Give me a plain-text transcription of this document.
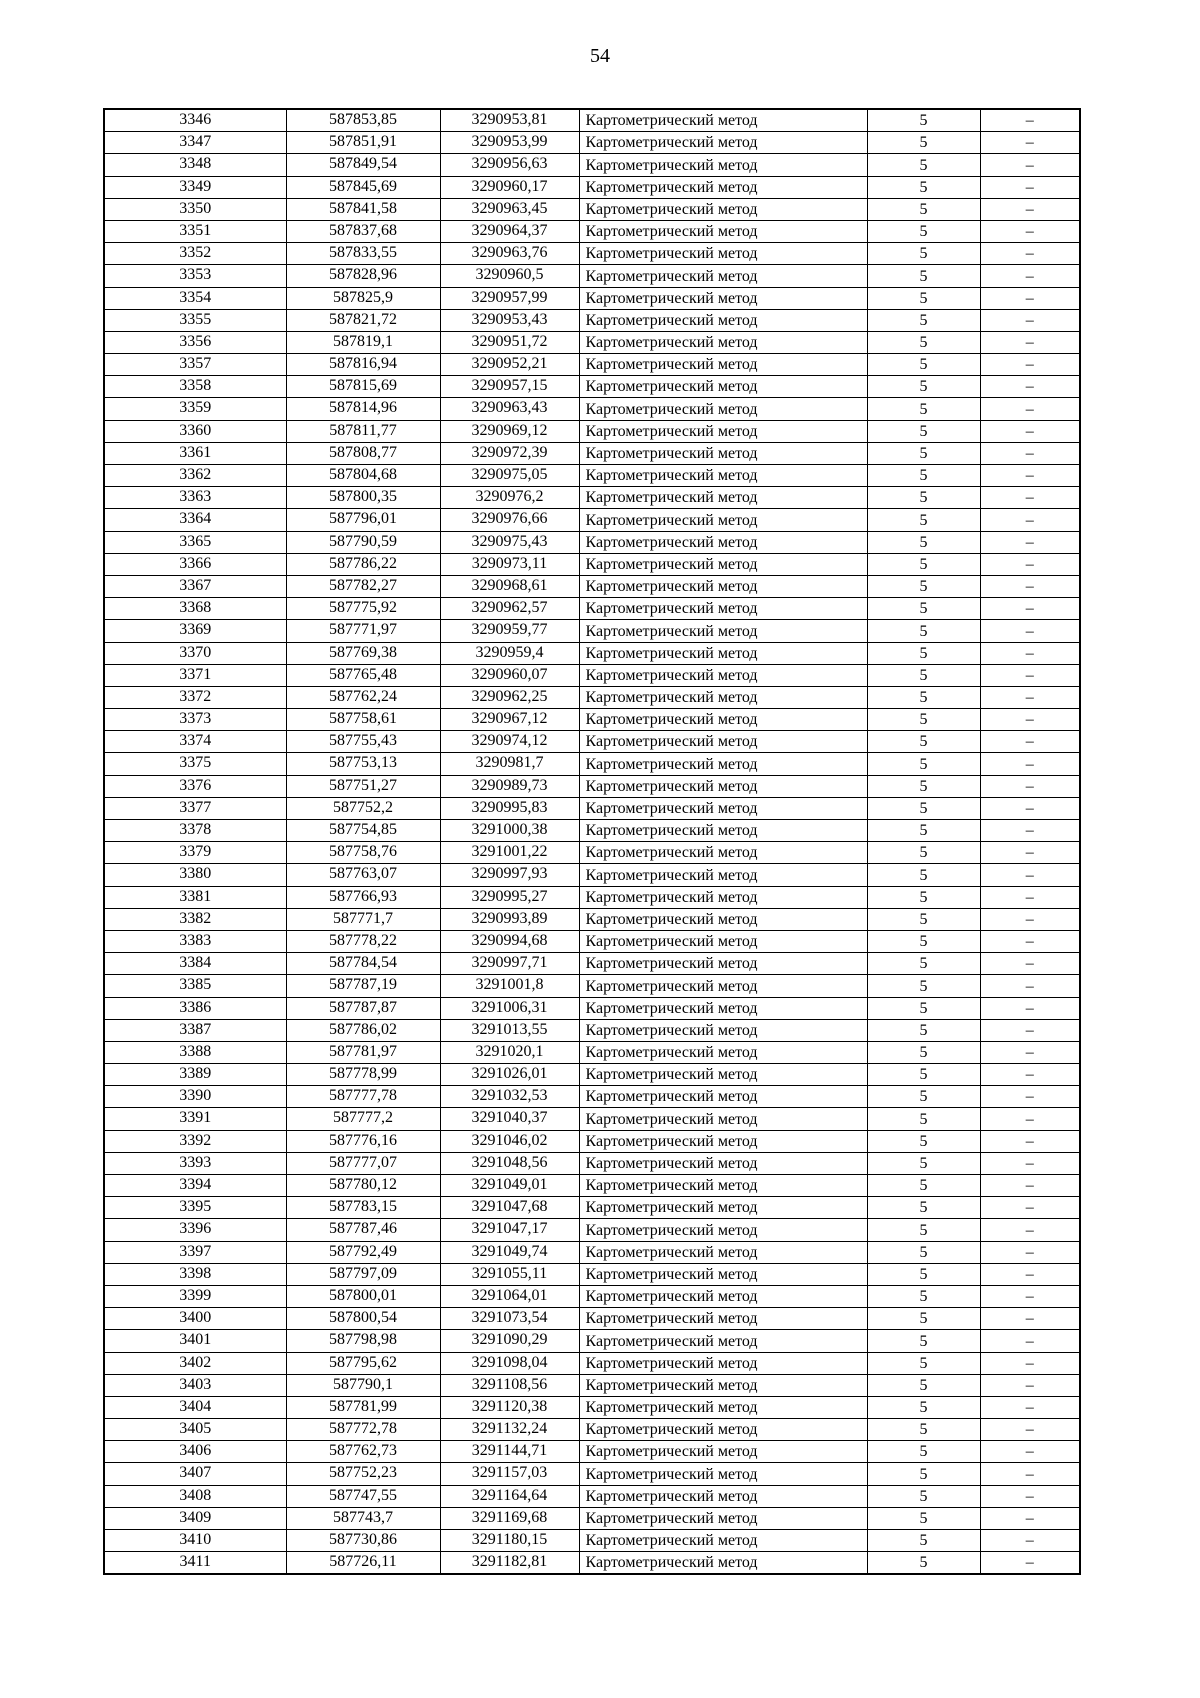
54
3346	587853,85	3290953,81	Картометрический метод	5	–
3347	587851,91	3290953,99	Картометрический метод	5	–
3348	587849,54	3290956,63	Картометрический метод	5	–
3349	587845,69	3290960,17	Картометрический метод	5	–
3350	587841,58	3290963,45	Картометрический метод	5	–
3351	587837,68	3290964,37	Картометрический метод	5	–
3352	587833,55	3290963,76	Картометрический метод	5	–
3353	587828,96	3290960,5	Картометрический метод	5	–
3354	587825,9	3290957,99	Картометрический метод	5	–
3355	587821,72	3290953,43	Картометрический метод	5	–
3356	587819,1	3290951,72	Картометрический метод	5	–
3357	587816,94	3290952,21	Картометрический метод	5	–
3358	587815,69	3290957,15	Картометрический метод	5	–
3359	587814,96	3290963,43	Картометрический метод	5	–
3360	587811,77	3290969,12	Картометрический метод	5	–
3361	587808,77	3290972,39	Картометрический метод	5	–
3362	587804,68	3290975,05	Картометрический метод	5	–
3363	587800,35	3290976,2	Картометрический метод	5	–
3364	587796,01	3290976,66	Картометрический метод	5	–
3365	587790,59	3290975,43	Картометрический метод	5	–
3366	587786,22	3290973,11	Картометрический метод	5	–
3367	587782,27	3290968,61	Картометрический метод	5	–
3368	587775,92	3290962,57	Картометрический метод	5	–
3369	587771,97	3290959,77	Картометрический метод	5	–
3370	587769,38	3290959,4	Картометрический метод	5	–
3371	587765,48	3290960,07	Картометрический метод	5	–
3372	587762,24	3290962,25	Картометрический метод	5	–
3373	587758,61	3290967,12	Картометрический метод	5	–
3374	587755,43	3290974,12	Картометрический метод	5	–
3375	587753,13	3290981,7	Картометрический метод	5	–
3376	587751,27	3290989,73	Картометрический метод	5	–
3377	587752,2	3290995,83	Картометрический метод	5	–
3378	587754,85	3291000,38	Картометрический метод	5	–
3379	587758,76	3291001,22	Картометрический метод	5	–
3380	587763,07	3290997,93	Картометрический метод	5	–
3381	587766,93	3290995,27	Картометрический метод	5	–
3382	587771,7	3290993,89	Картометрический метод	5	–
3383	587778,22	3290994,68	Картометрический метод	5	–
3384	587784,54	3290997,71	Картометрический метод	5	–
3385	587787,19	3291001,8	Картометрический метод	5	–
3386	587787,87	3291006,31	Картометрический метод	5	–
3387	587786,02	3291013,55	Картометрический метод	5	–
3388	587781,97	3291020,1	Картометрический метод	5	–
3389	587778,99	3291026,01	Картометрический метод	5	–
3390	587777,78	3291032,53	Картометрический метод	5	–
3391	587777,2	3291040,37	Картометрический метод	5	–
3392	587776,16	3291046,02	Картометрический метод	5	–
3393	587777,07	3291048,56	Картометрический метод	5	–
3394	587780,12	3291049,01	Картометрический метод	5	–
3395	587783,15	3291047,68	Картометрический метод	5	–
3396	587787,46	3291047,17	Картометрический метод	5	–
3397	587792,49	3291049,74	Картометрический метод	5	–
3398	587797,09	3291055,11	Картометрический метод	5	–
3399	587800,01	3291064,01	Картометрический метод	5	–
3400	587800,54	3291073,54	Картометрический метод	5	–
3401	587798,98	3291090,29	Картометрический метод	5	–
3402	587795,62	3291098,04	Картометрический метод	5	–
3403	587790,1	3291108,56	Картометрический метод	5	–
3404	587781,99	3291120,38	Картометрический метод	5	–
3405	587772,78	3291132,24	Картометрический метод	5	–
3406	587762,73	3291144,71	Картометрический метод	5	–
3407	587752,23	3291157,03	Картометрический метод	5	–
3408	587747,55	3291164,64	Картометрический метод	5	–
3409	587743,7	3291169,68	Картометрический метод	5	–
3410	587730,86	3291180,15	Картометрический метод	5	–
3411	587726,11	3291182,81	Картометрический метод	5	–
